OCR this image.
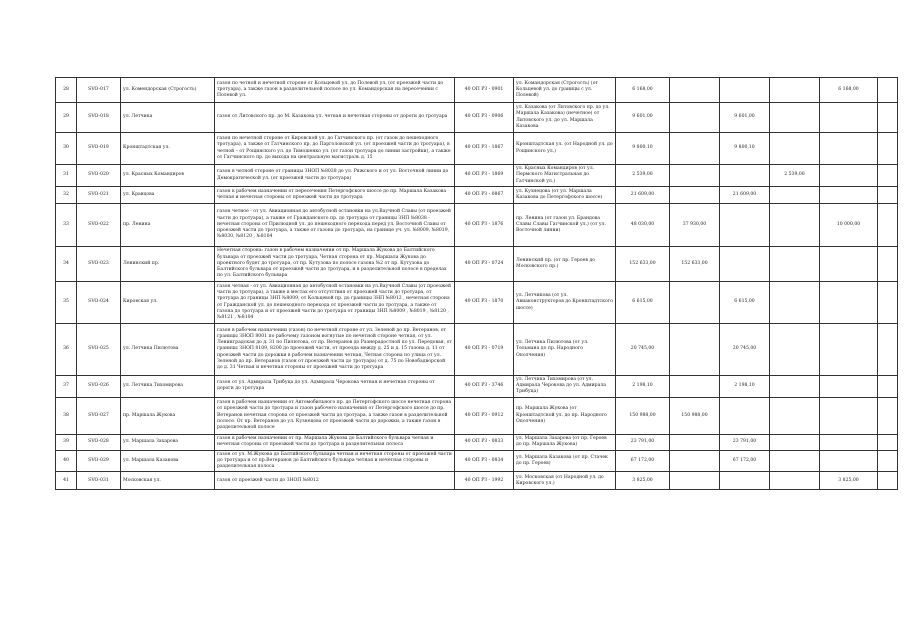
28	SVO-017	ул. Комендорская (Строгость)	газон по четной и нечетной стороне от Кольцевой ул. до Полевой ул. (от проезжей части до тротуара), а также газон в разделительной полосе по ул. Командорская на пересечении с Полевой ул.	40 ОП РЗ - 0901	ул. Командорская (Строгость) (от Кольцевой ул. до границы с ул. Полевой)	6 168,00				6 168,00	
29	SVO-018	ул. Летчика	газон от Литовского пр. до М. Казакова ул. четная и нечетная стороны от дороги до тротуара	40 ОП РЗ - 0906	ул. Казакова (от Литовского пр. до ул. Маршала Казакова) (нечетное) от Литовского ул. до ул. Маршала Казакова	9 601,00		9 601,00			
30	SVO-019	Кронштадтская ул.	газон по нечетной стороне от Кировской ул. до Гатчинского пр. (от газон до пешеходного тротуара), а также от Гатчинского пр. до Парголовской ул. (от проезжей части до тротуара), в четной – от Рощинского ул. до Тимошенко ул. (от газон тротуара до линии застройки), а также от Гатчинского пр. до выхода на центральную магистраль д. 15	40 ОП РЗ - 1867	Кронштадтская ул. (от Народной ул. до Рощинского ул.)	9 800,10		9 800,10			
31	SVO-020	ул. Красных Командиров	газон в четной стороне от границы ЗНОП №8038 до ул. Ряжского и от ул. Восточной линии до Демократической ул. (от проезжей части до тротуара)	40 ОП РЗ - 1869	ул. Красных Командиров (от ул. Пермского Магистральная до Гатчинской ул.)	2 539,00			2 539,00		
32	SVO-021	ул. Кравцова	газон в рабочем назначении от пересечения Петергофского шоссе до пр. Маршала Казакова четная и нечетная стороны от проезжей части до тротуара	40 ОП РЗ - 0867	ул. Кузнецова (от ул. Маршала Казакова до Петергофского шоссе)	21 609,00		21 609,00			
33	SVO-022	пр. Ленина	газон четное - от ул. Авиационная до автобусной остановки на ул.Ваучной Славы (от проезжей части до тротуара), а также от Гражданского пр. до тротуара от границы ЗНП №8038 - нечетная сторона от Прилюдной ул. до пешеходного перехода перед ул. Восточной Славы от проезжей части до тротуара, а также от газона до тротуара, на границе уч. ул. №8009, №8019, №8030, №8120 , №8104	40 ОП РЗ - 1876	пр. Ленина (от газон ул. Брандова Славы Славы Гатчинской ул.) (от ул. Восточной линии)	48 030,00	37 930,00			10 000,00	
34	SVO-023	Ленинский пр.	Нечетная сторона: газон в рабочем назначении от пр. Маршала Жукова до Балтийского бульвара от проезжей части до тротуара, Четная сторона от пр. Маршала Жукова до проектного будет до тротуара, от пр. Кутузова по полосе газона №2 от пр. Кутузова до Балтийского бульвара от проезжей части до тротуара, и в разделительной полосе в пределах по ул. Балтийского бульвара	40 ОП РЗ - 0724	Ленинский пр. (от пр. Героев до Московского пр.)	152 633,00	152 633,00				
35	SVO-024	Кировская ул.	газон четная - от ул. Авиационная до автобусной остановки на ул.Ваучной Славы (от проезжей части до тротуара), а также в местах его отсутствия от проезжей части до тротуара, от тротуара до границы ЗНП №8009, от Кольцевой пр. до границы ЗНП №8012 , нечетная сторона от Гражданской ул. до пешеходного перехода от проезжей части до тротуара, а также от газона до тротуара и от проезжей части до тротуара от границы ЗНП №8009 , №8019 , №8120 , №8121 , №8104	40 ОП РЗ - 1870	ул. Летчикова (от ул. Авиаконструкторов до Кронштадтского шоссе)	6 615,00		6 615,00			
36	SVO-025	ул. Летчика Пилютова	газон в рабочем назначении (газон) по нечетной стороне от ул. Зеленой до пр. Ветеранов, от границы ЗНОП 8001 по рабочему газоном вогнутые по нечетной стороне четная, от ул. Ленинградская до д. 31 по Пилютова, от пр. Ветеранов до Разнерадостной по ул. Передовая, от границы ЗНОП 8109, 8200 до проезжей части, от проезда между д. 25 и д. 15 газона д. 11 от проезжей части до дорожки в рабочем назначении четная, Четная сторона по улица от ул. Зеленой до пр. Ветеранов (газон от проезжей части до тротуара) от д. 75 по Новобадворской до д. 31 Четная и нечетная стороны от проезжей части до тротуара	40 ОП РЗ - 0719	ул. Летчика Пилютова (от ул. Тельмана до пр. Народного Ополчения)	20 745,00		20 745,00			
37	SVO-026	ул. Летчика Тихомирова	газон от ул. Адмирала Трибуца до ул. Адмирала Черокова четная и нечетная стороны от дороги до тротуара	40 ОП РЗ - 3746	ул. Летчика Тихомирова (от ул. Адмирала Черокова до ул. Адмирала Трибуца)	2 198,10		2 198,10			
38	SVO-027	пр. Маршала Жукова	газон в рабочем назначении от Автомобильного пр. до Петергофского шоссе нечетная сторона от проезжей части до тротуара и газон рабочего назначения от Петергофского шоссе до пр. Ветеранов нечетная сторона от проезжей части до тротуара, а также газон в разделительной полосе. От пр. Ветеранов до ул. Кузнецова от проезжей части до дорожки, а также газон в разделительной полосе	40 ОП РЗ - 0912	пр. Маршала Жукова (от Кронштадтской ул. до пр. Народного Ополчения)	150 988,00	150 988,00				
39	SVO-028	ул. Маршала Захарова	газон в рабочем назначении от пр. Маршала Жукова до Балтийского бульвара четная и нечетная стороны от проезжей части до тротуара и разделительная полоса	40 ОП РЗ - 0833	ул. Маршала Захарова (от пр. Героев до пр. Маршала Жукова)	23 791,00		23 791,00			
40	SVO-029	ул. Маршала Казакова	газон от ул. М.Жукова до Балтийского бульвара четная и нечетная стороны от проезжей части до тротуара и от пр.Ветеранов до Балтийского бульвара четная и нечетная стороны и разделительная полоса	40 ОП РЗ - 0834	ул. Маршала Казакова (от пр. Стачек до пр. Героев)	67 172,00		67 172,00			
41	SVO-031	Московская ул.	газон от проезжей части до ЗНОП №8012	40 ОП РЗ - 1992	ул. Московская (от Народной ул. до Кировского ул.)	3 825,00				3 825,00	
